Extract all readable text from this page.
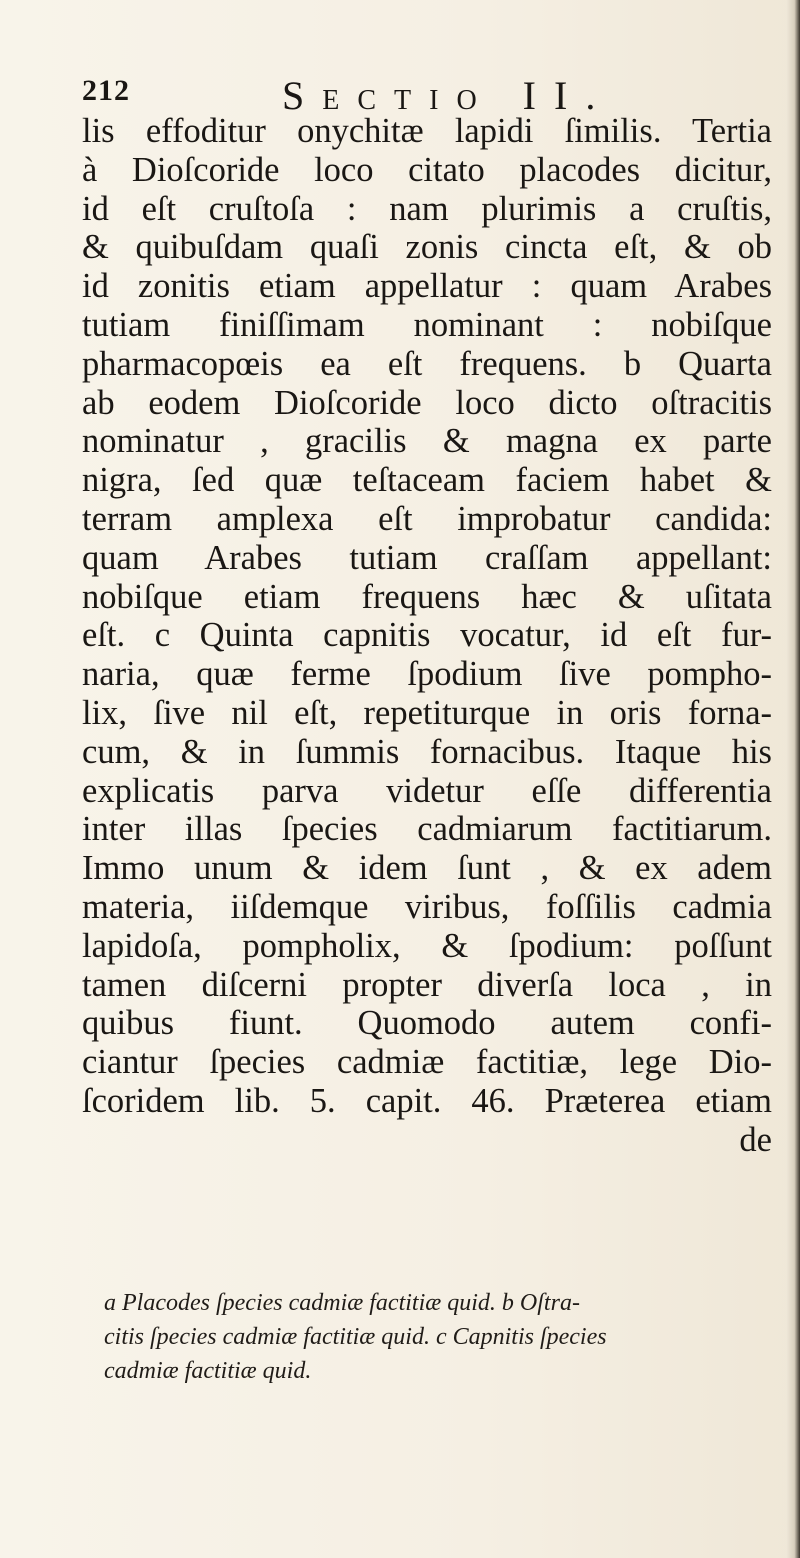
212	Sectio II.
lis effoditur onychitæ lapidi ſimilis. Tertia
à Dioſcoride loco citato placodes dicitur,
id eſt cruſtoſa : nam plurimis a cruſtis,
& quibuſdam quaſi zonis cincta eſt, & ob
id zonitis etiam appellatur : quam Arabes
tutiam finiſſimam nominant : nobiſque
pharmacopœis ea eſt frequens. b Quarta
ab eodem Dioſcoride loco dicto oſtracitis
nominatur , gracilis & magna ex parte
nigra, ſed quæ teſtaceam faciem habet &
terram amplexa eſt improbatur candida:
quam Arabes tutiam craſſam appellant:
nobiſque etiam frequens hæc & uſitata
eſt. c Quinta capnitis vocatur, id eſt fur-
naria, quæ ferme ſpodium ſive pompho-
lix, ſive nil eſt, repetiturque in oris forna-
cum, & in ſummis fornacibus. Itaque his
explicatis parva videtur eſſe differentia
inter illas ſpecies cadmiarum factitiarum.
Immo unum & idem ſunt , & ex adem
materia, iiſdemque viribus, foſſilis cadmia
lapidoſa, pompholix, & ſpodium: poſſunt
tamen diſcerni propter diverſa loca , in
quibus fiunt. Quomodo autem confi-
ciantur ſpecies cadmiæ factitiæ, lege Dio-
ſcoridem lib. 5. capit. 46. Præterea etiam
de
a Placodes ſpecies cadmiæ factitiæ quid. b Oſtra-
citis ſpecies cadmiæ factitiæ quid. c Capnitis ſpecies
cadmiæ factitiæ quid.
